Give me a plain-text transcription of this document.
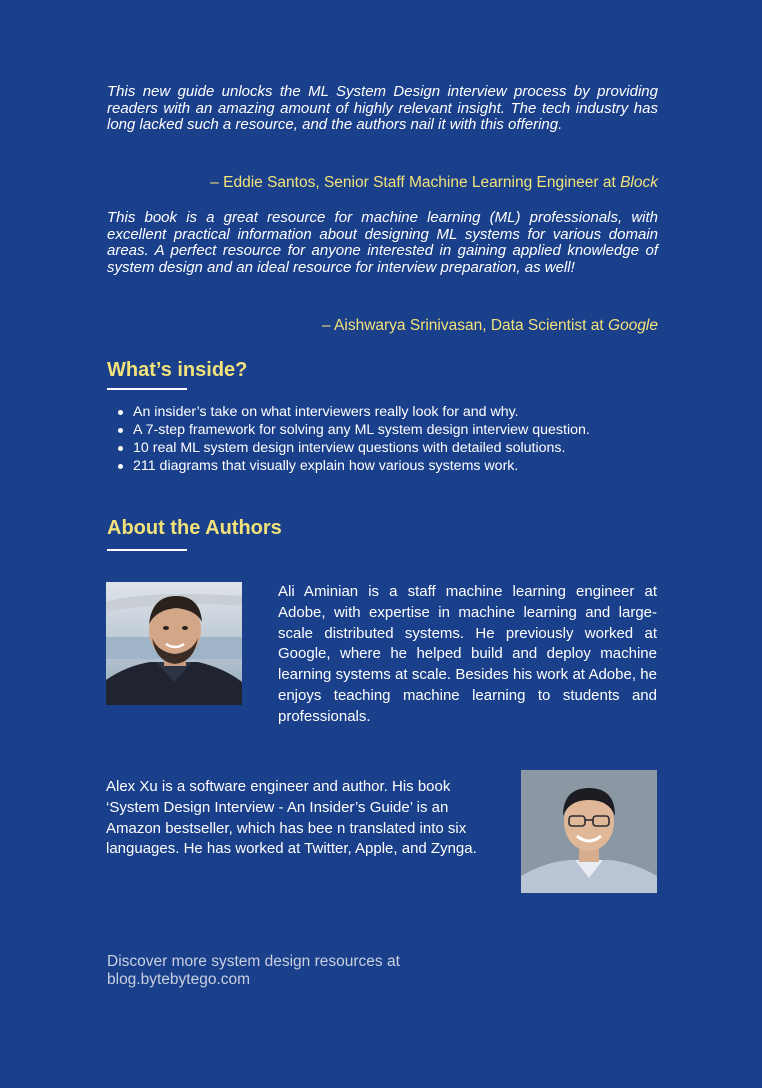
This new guide unlocks the ML System Design interview process by providing readers with an amazing amount of highly relevant insight. The tech industry has long lacked such a resource, and the authors nail it with this offering.

– Eddie Santos, Senior Staff Machine Learning Engineer at Block

This book is a great resource for machine learning (ML) professionals, with excellent practical information about designing ML systems for various domain areas. A perfect resource for anyone interested in gaining applied knowledge of system design and an ideal resource for interview preparation, as well!

– Aishwarya Srinivasan, Data Scientist at Google
What’s inside?
An insider’s take on what interviewers really look for and why.
A 7-step framework for solving any ML system design interview question.
10 real ML system design interview questions with detailed solutions.
211 diagrams that visually explain how various systems work.
About the Authors

Ali Aminian is a staff machine learning engineer at Adobe, with expertise in machine learning and large-scale distributed systems. He previously worked at Google, where he helped build and deploy machine learning systems at scale. Besides his work at Adobe, he enjoys teaching machine learning to students and professionals.

Alex Xu is a software engineer and author. His book ‘System Design Interview - An Insider’s Guide’ is an Amazon bestseller, which has bee n translated into six languages. He has worked at Twitter, Apple, and Zynga.

Discover more system design resources at
blog.bytebytego.com
